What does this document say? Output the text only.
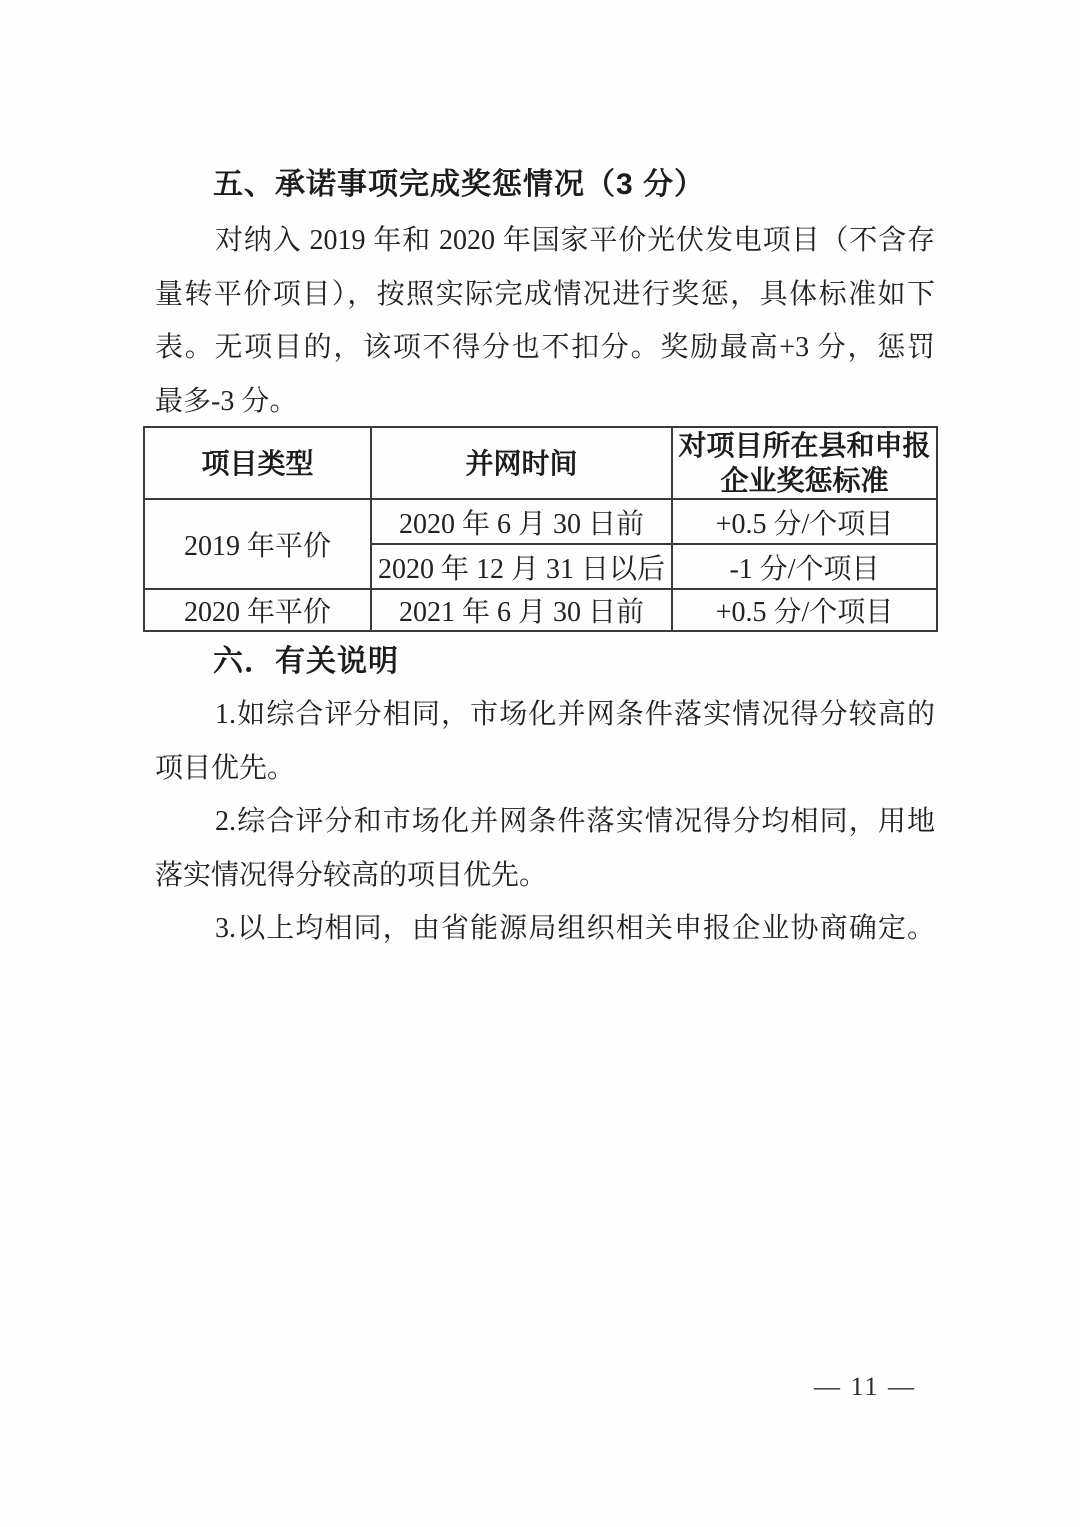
五、承诺事项完成奖惩情况（3 分）
对纳入 2019 年和 2020 年国家平价光伏发电项目（不含存
量转平价项目），按照实际完成情况进行奖惩，具体标准如下
表。无项目的，该项不得分也不扣分。奖励最高+3 分，惩罚
最多-3 分。
项目类型	并网时间	对项目所在县和申报
企业奖惩标准
2019 年平价	2020 年 6 月 30 日前	+0.5 分/个项目
	2020 年 12 月 31 日以后	-1 分/个项目
2020 年平价	2021 年 6 月 30 日前	+0.5 分/个项目
六．有关说明
1.如综合评分相同，市场化并网条件落实情况得分较高的
项目优先。
2.综合评分和市场化并网条件落实情况得分均相同，用地
落实情况得分较高的项目优先。
3.以上均相同，由省能源局组织相关申报企业协商确定。
— 11 —
